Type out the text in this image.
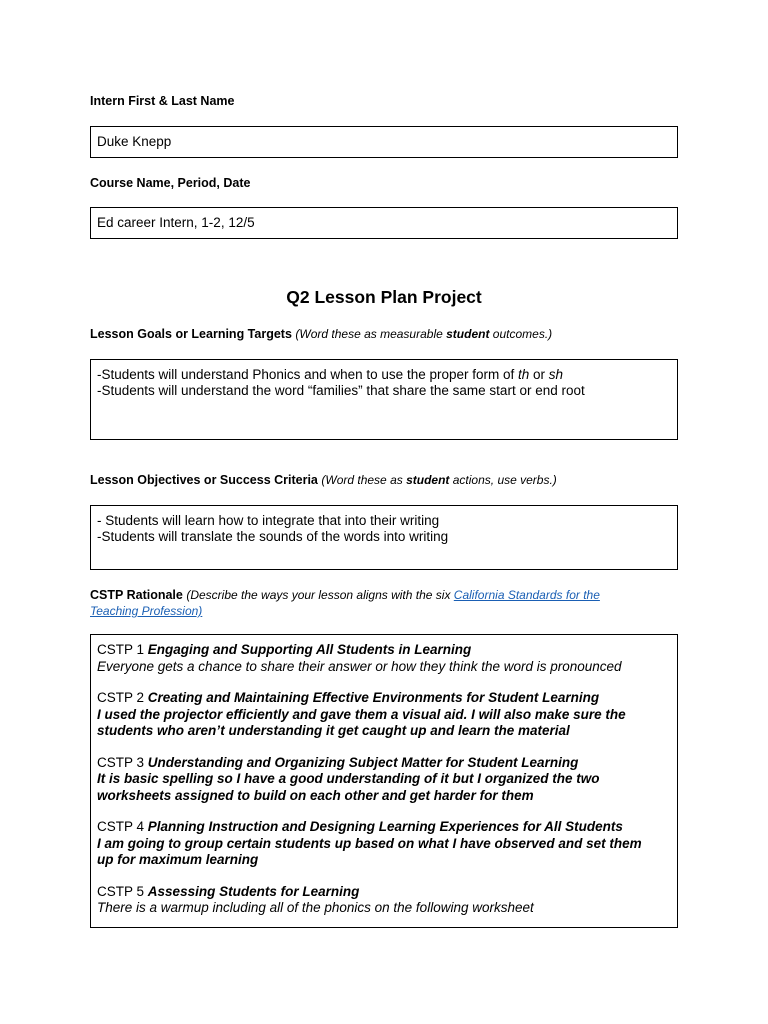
Intern First & Last Name
Duke Knepp
Course Name, Period, Date
Ed career Intern, 1-2, 12/5
Q2 Lesson Plan Project
Lesson Goals or Learning Targets (Word these as measurable student outcomes.)
-Students will understand Phonics and when to use the proper form of th or sh
-Students will understand the word “families” that share the same start or end root
Lesson Objectives or Success Criteria (Word these as student actions, use verbs.)
- Students will learn how to integrate that into their writing
-Students will translate the sounds of the words into writing
CSTP Rationale (Describe the ways your lesson aligns with the six California Standards for the Teaching Profession)
CSTP 1 Engaging and Supporting All Students in Learning
Everyone gets a chance to share their answer or how they think the word is pronounced
CSTP 2 Creating and Maintaining Effective Environments for Student Learning
I used the projector efficiently and gave them a visual aid. I will also make sure the
students who aren’t understanding it get caught up and learn the material
CSTP 3 Understanding and Organizing Subject Matter for Student Learning
It is basic spelling so I have a good understanding of it but I organized the two
worksheets assigned to build on each other and get harder for them
CSTP 4 Planning Instruction and Designing Learning Experiences for All Students
I am going to group certain students up based on what I have observed and set them
up for maximum learning
CSTP 5 Assessing Students for Learning
There is a warmup including all of the phonics on the following worksheet
